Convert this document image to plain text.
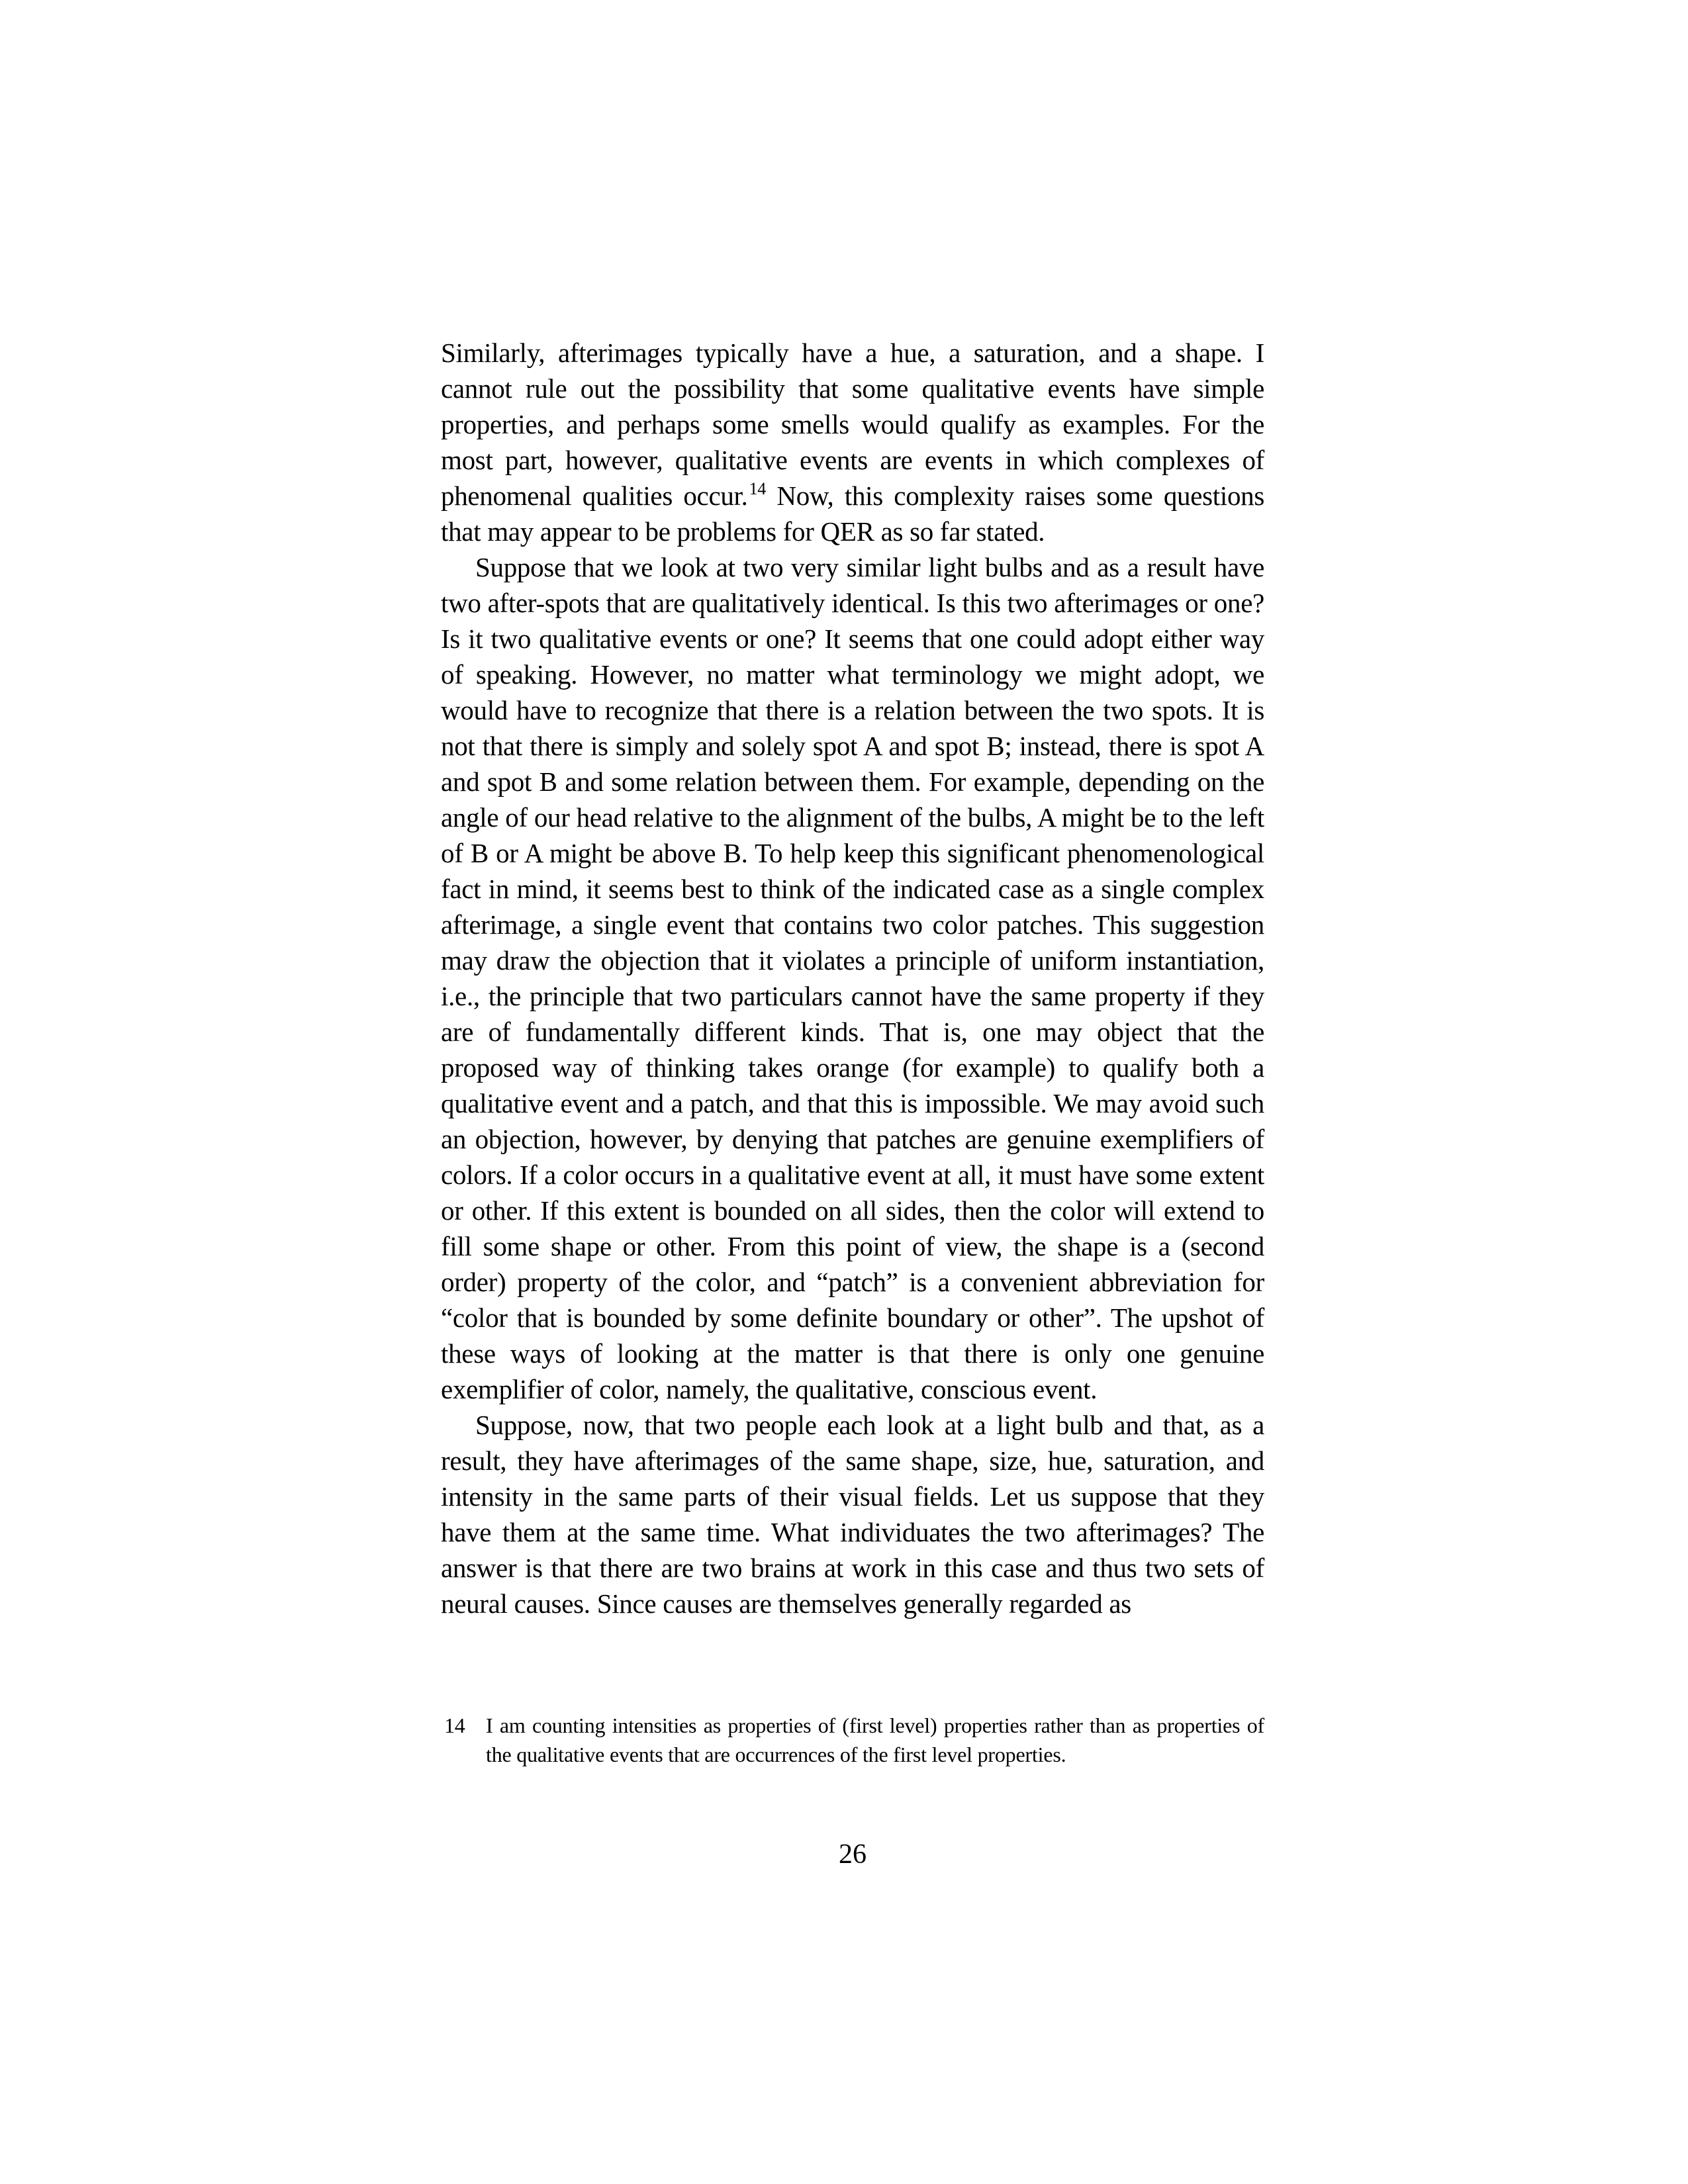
Similarly, afterimages typically have a hue, a saturation, and a shape. I cannot rule out the possibility that some qualitative events have simple properties, and perhaps some smells would qualify as examples. For the most part, however, qualitative events are events in which complexes of phenomenal qualities occur.$^{14}$ Now, this complexity raises some questions that may appear to be problems for QER as so far stated.

Suppose that we look at two very similar light bulbs and as a result have two after-spots that are qualitatively identical. Is this two afterimages or one? Is it two qualitative events or one? It seems that one could adopt either way of speaking. However, no matter what terminology we might adopt, we would have to recognize that there is a relation between the two spots. It is not that there is simply and solely spot A and spot B; instead, there is spot A and spot B and some relation between them. For example, depending on the angle of our head relative to the alignment of the bulbs, A might be to the left of B or A might be above B. To help keep this significant phenomenological fact in mind, it seems best to think of the indicated case as a single complex afterimage, a single event that contains two color patches. This suggestion may draw the objection that it violates a principle of uniform instantiation, i.e., the principle that two particulars cannot have the same property if they are of fundamentally different kinds. That is, one may object that the proposed way of thinking takes orange (for example) to qualify both a qualitative event and a patch, and that this is impossible. We may avoid such an objection, however, by denying that patches are genuine exemplifiers of colors. If a color occurs in a qualitative event at all, it must have some extent or other. If this extent is bounded on all sides, then the color will extend to fill some shape or other. From this point of view, the shape is a (second order) property of the color, and “patch” is a convenient abbreviation for “color that is bounded by some definite boundary or other”. The upshot of these ways of looking at the matter is that there is only one genuine exemplifier of color, namely, the qualitative, conscious event.

Suppose, now, that two people each look at a light bulb and that, as a result, they have afterimages of the same shape, size, hue, saturation, and intensity in the same parts of their visual fields. Let us suppose that they have them at the same time. What individuates the two afterimages? The answer is that there are two brains at work in this case and thus two sets of neural causes. Since causes are themselves generally regarded as

14 I am counting intensities as properties of (first level) properties rather than as properties of the qualitative events that are occurrences of the first level properties.
26
